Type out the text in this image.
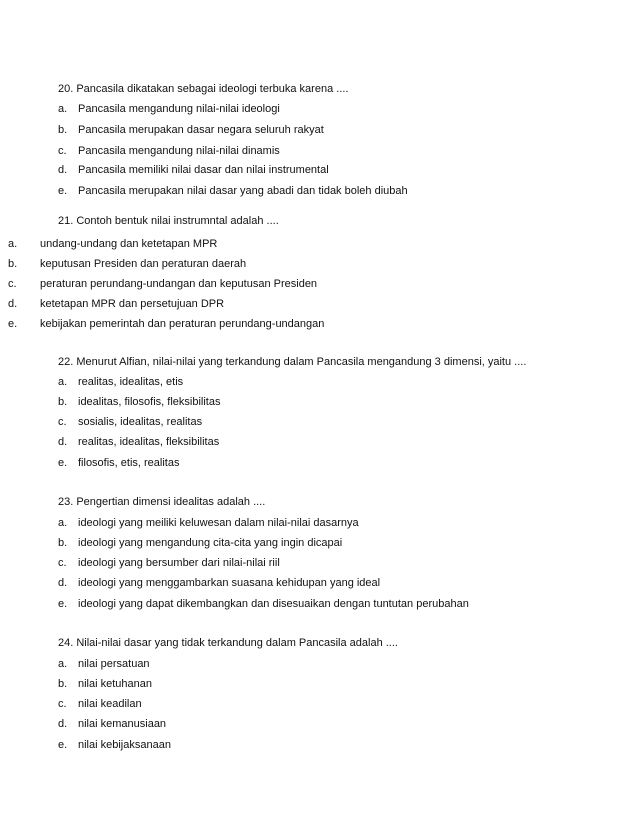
20. Pancasila dikatakan sebagai ideologi terbuka karena ....
a. Pancasila mengandung nilai-nilai ideologi
b. Pancasila merupakan dasar negara seluruh rakyat
c. Pancasila mengandung nilai-nilai dinamis
d. Pancasila memiliki nilai dasar dan nilai instrumental
e. Pancasila merupakan nilai dasar yang abadi dan tidak boleh diubah
21. Contoh bentuk nilai instrumntal adalah ....
a. undang-undang dan ketetapan MPR
b. keputusan Presiden dan peraturan daerah
c. peraturan perundang-undangan dan keputusan Presiden
d. ketetapan MPR dan persetujuan DPR
e. kebijakan pemerintah dan peraturan perundang-undangan
22. Menurut Alfian, nilai-nilai yang terkandung dalam Pancasila mengandung 3 dimensi, yaitu ....
a. realitas, idealitas, etis
b. idealitas, filosofis, fleksibilitas
c. sosialis, idealitas, realitas
d. realitas, idealitas, fleksibilitas
e. filosofis, etis, realitas
23. Pengertian dimensi idealitas adalah ....
a. ideologi yang meiliki keluwesan dalam nilai-nilai dasarnya
b. ideologi yang mengandung cita-cita yang ingin dicapai
c. ideologi yang bersumber dari nilai-nilai riil
d. ideologi yang menggambarkan suasana kehidupan yang ideal
e. ideologi yang dapat dikembangkan dan disesuaikan dengan tuntutan perubahan
24. Nilai-nilai dasar yang tidak terkandung dalam Pancasila adalah ....
a. nilai persatuan
b. nilai ketuhanan
c. nilai keadilan
d. nilai kemanusiaan
e. nilai kebijaksanaan
